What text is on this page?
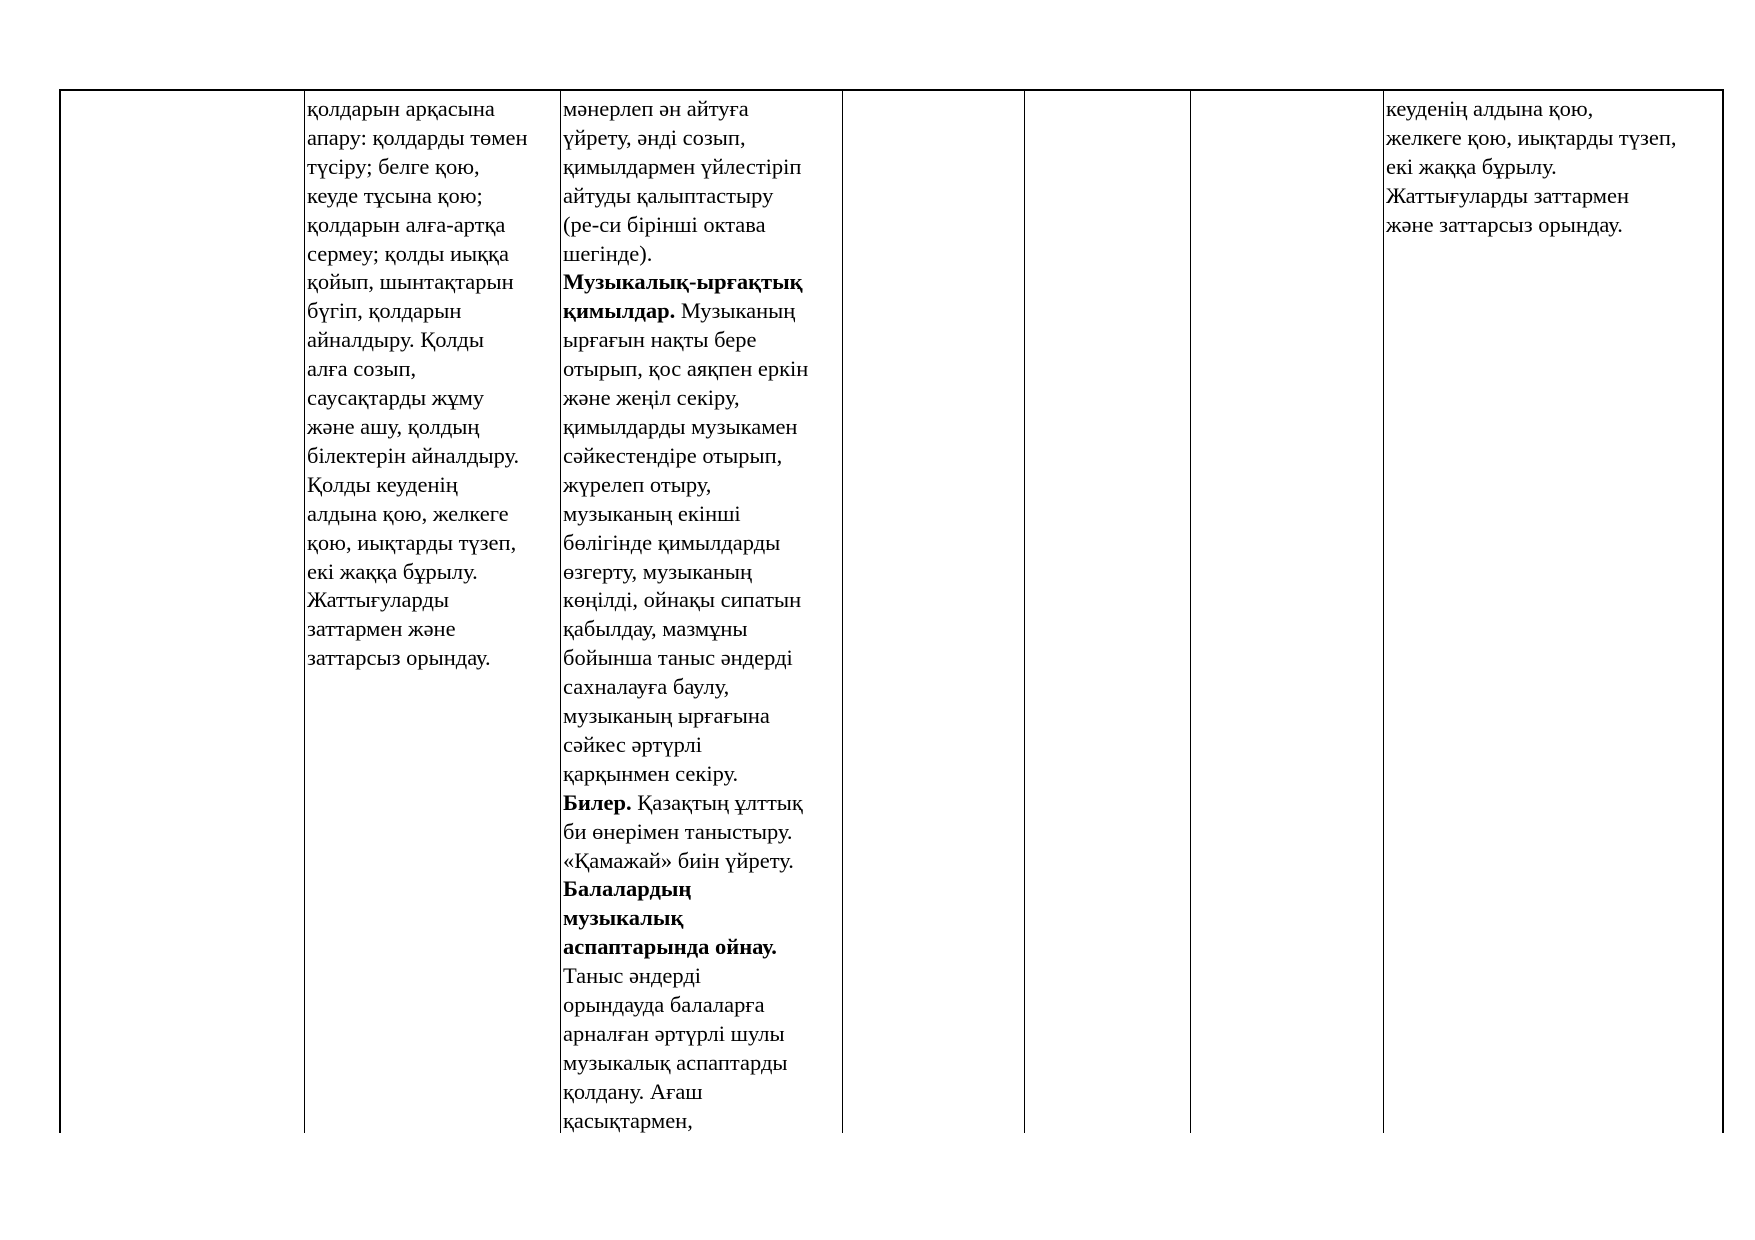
қолдарын арқасына
апару: қолдарды төмен
түсіру; белге қою,
кеуде тұсына қою;
қолдарын алға-артқа
сермеу; қолды иыққа
қойып, шынтақтарын
бүгіп, қолдарын
айналдыру. Қолды
алға созып,
саусақтарды жұму
және ашу, қолдың
білектерін айналдыру.
Қолды кеуденің
алдына қою, желкеге
қою, иықтарды түзеп,
екі жаққа бұрылу.
Жаттығуларды
заттармен және
заттарсыз орындау.

мәнерлеп ән айтуға
үйрету, әнді созып,
қимылдармен үйлестіріп
айтуды қалыптастыру
(ре-си бірінші октава
шегінде).

Музыкалық-ырғақтық
қимылдар. Музыканың
ырғағын нақты бере
отырып, қос аяқпен еркін
және жеңіл секіру,
қимылдарды музыкамен
сәйкестендіре отырып,
жүрелеп отыру,
музыканың екінші
бөлігінде қимылдарды
өзгерту, музыканың
көңілді, ойнақы сипатын
қабылдау, мазмұны
бойынша таныс әндерді
сахналауға баулу,
музыканың ырғағына
сәйкес әртүрлі
қарқынмен секіру.

Билер. Қазақтың ұлттық
би өнерімен таныстыру.
«Қамажай» биін үйрету.

Балалардың
музыкалық
аспаптарында ойнау.
Таныс әндерді
орындауда балаларға
арналған әртүрлі шулы
музыкалық аспаптарды
қолдану. Ағаш
қасықтармен,

кеуденің алдына қою,
желкеге қою, иықтарды түзеп,
екі жаққа бұрылу.
Жаттығуларды заттармен
және заттарсыз орындау.
